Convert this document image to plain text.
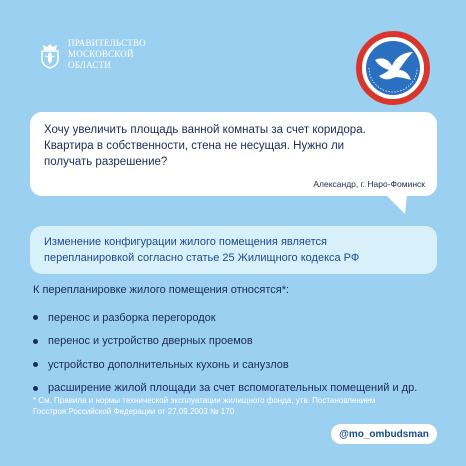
ПРАВИТЕЛЬСТВО
МОСКОВСКОЙ
ОБЛАСТИ
Хочу увеличить площадь ванной комнаты за счет коридора.
Квартира в собственности, стена не несущая. Нужно ли
получать разрешение?
Александр, г. Наро-Фоминск
Изменение конфигурации жилого помещения является
перепланировкой согласно статье 25 Жилищного кодекса РФ
К перепланировке жилого помещения относятся*:
перенос и разборка перегородок
перенос и устройство дверных проемов
устройство дополнительных кухонь и санузлов
расширение жилой площади за счет вспомогательных помещений и др.
* См. Правила и нормы технической эксплуатации жилищного фонда, утв. Постановлением
Госстроя Российской Федерации от 27.09.2003 № 170
@mo_ombudsman
